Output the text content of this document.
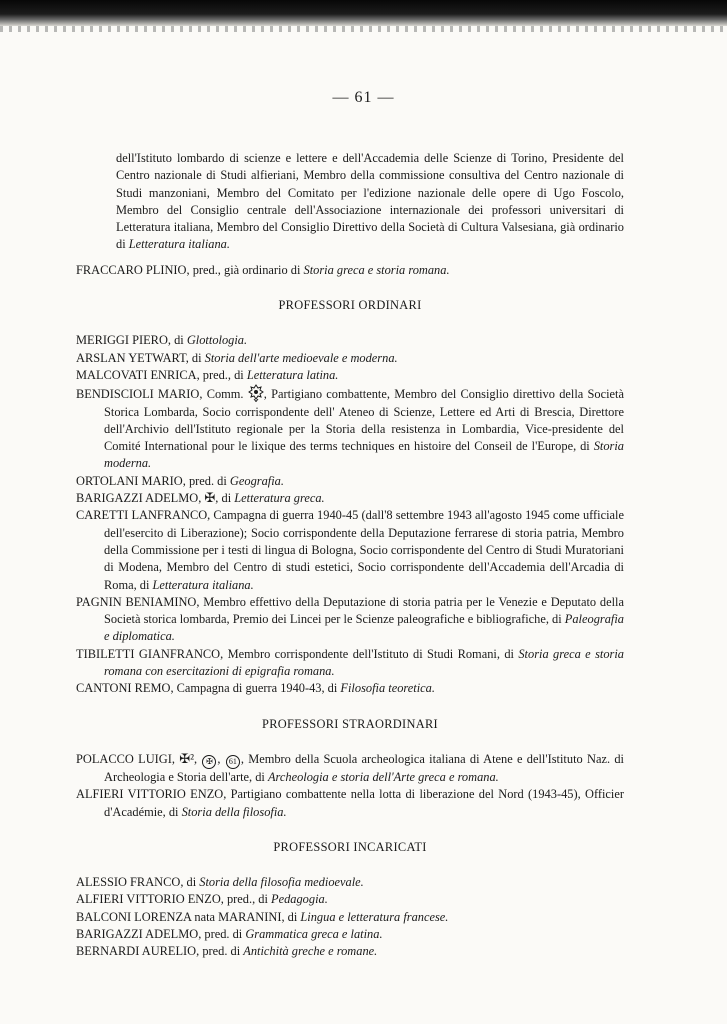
— 61 —
dell'Istituto lombardo di scienze e lettere e dell'Accademia delle Scienze di Torino, Presidente del Centro nazionale di Studi alfieriani, Membro della commissione consultiva del Centro nazionale di Studi manzoniani, Membro del Comitato per l'edizione nazionale delle opere di Ugo Foscolo, Membro del Consiglio centrale dell'Associazione internazionale dei professori universitari di Letteratura italiana, Membro del Consiglio Direttivo della Società di Cultura Valsesiana, già ordinario di Letteratura italiana.
FRACCARO PLINIO, pred., già ordinario di Storia greca e storia romana.
PROFESSORI ORDINARI
MERIGGI PIERO, di Glottologia.
ARSLAN YETWART, di Storia dell'arte medioevale e moderna.
MALCOVATI ENRICA, pred., di Letteratura latina.
BENDISCIOLI MARIO, Comm. , Partigiano combattente, Membro del Consiglio direttivo della Società Storica Lombarda, Socio corrispondente dell' Ateneo di Scienze, Lettere ed Arti di Brescia, Direttore dell'Archivio dell'Istituto regionale per la Storia della resistenza in Lombardia, Vice-presidente del Comité International pour le lixique des terms techniques en histoire del Conseil de l'Europe, di Storia moderna.
ORTOLANI MARIO, pred. di Geografia.
BARIGAZZI ADELMO, ✠, di Letteratura greca.
CARETTI LANFRANCO, Campagna di guerra 1940-45 (dall'8 settembre 1943 all'agosto 1945 come ufficiale dell'esercito di Liberazione); Socio corrispondente della Deputazione ferrarese di storia patria, Membro della Commissione per i testi di lingua di Bologna, Socio corrispondente del Centro di Studi Muratoriani di Modena, Membro del Centro di studi estetici, Socio corrispondente dell'Accademia dell'Arcadia di Roma, di Letteratura italiana.
PAGNIN BENIAMINO, Membro effettivo della Deputazione di storia patria per le Venezie e Deputato della Società storica lombarda, Premio dei Lincei per le Scienze paleografiche e bibliografiche, di Paleografia e diplomatica.
TIBILETTI GIANFRANCO, Membro corrispondente dell'Istituto di Studi Romani, di Storia greca e storia romana con esercitazioni di epigrafia romana.
CANTONI REMO, Campagna di guerra 1940-43, di Filosofia teoretica.
PROFESSORI STRAORDINARI
POLACCO LUIGI, ✠², ✠ , 61 , Membro della Scuola archeologica italiana di Atene e dell'Istituto Naz. di Archeologia e Storia dell'arte, di Archeologia e storia dell'Arte greca e romana.
ALFIERI VITTORIO ENZO, Partigiano combattente nella lotta di liberazione del Nord (1943-45), Officier d'Académie, di Storia della filosofia.
PROFESSORI INCARICATI
ALESSIO FRANCO, di Storia della filosofia medioevale.
ALFIERI VITTORIO ENZO, pred., di Pedagogia.
BALCONI LORENZA nata MARANINI, di Lingua e letteratura francese.
BARIGAZZI ADELMO, pred. di Grammatica greca e latina.
BERNARDI AURELIO, pred. di Antichità greche e romane.
